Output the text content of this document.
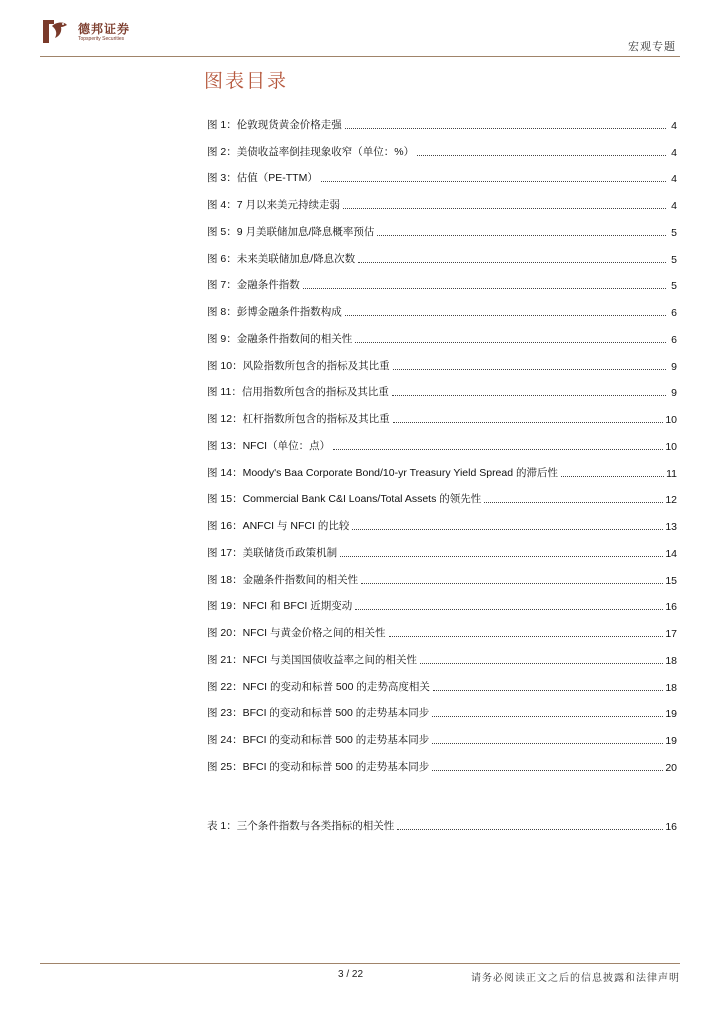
德邦证券
Topsperity Securities
宏观专题
图表目录
图 1：伦敦现货黄金价格走强	4
图 2：美债收益率倒挂现象收窄（单位：%）	4
图 3：估值（PE-TTM）	4
图 4：7 月以来美元持续走弱	4
图 5：9 月美联储加息/降息概率预估	5
图 6：未来美联储加息/降息次数	5
图 7：金融条件指数	5
图 8：彭博金融条件指数构成	6
图 9：金融条件指数间的相关性	6
图 10：风险指数所包含的指标及其比重	9
图 11：信用指数所包含的指标及其比重	9
图 12：杠杆指数所包含的指标及其比重	10
图 13：NFCI（单位：点）	10
图 14：Moody's Baa Corporate Bond/10-yr Treasury Yield Spread 的滞后性	11
图 15：Commercial Bank C&I Loans/Total Assets 的领先性	12
图 16：ANFCI 与 NFCI 的比较	13
图 17：美联储货币政策机制	14
图 18：金融条件指数间的相关性	15
图 19：NFCI 和 BFCI 近期变动	16
图 20：NFCI 与黄金价格之间的相关性	17
图 21：NFCI 与美国国债收益率之间的相关性	18
图 22：NFCI 的变动和标普 500 的走势高度相关	18
图 23：BFCI 的变动和标普 500 的走势基本同步	19
图 24：BFCI 的变动和标普 500 的走势基本同步	19
图 25：BFCI 的变动和标普 500 的走势基本同步	20
表 1：三个条件指数与各类指标的相关性	16
3 / 22	请务必阅读正文之后的信息披露和法律声明
